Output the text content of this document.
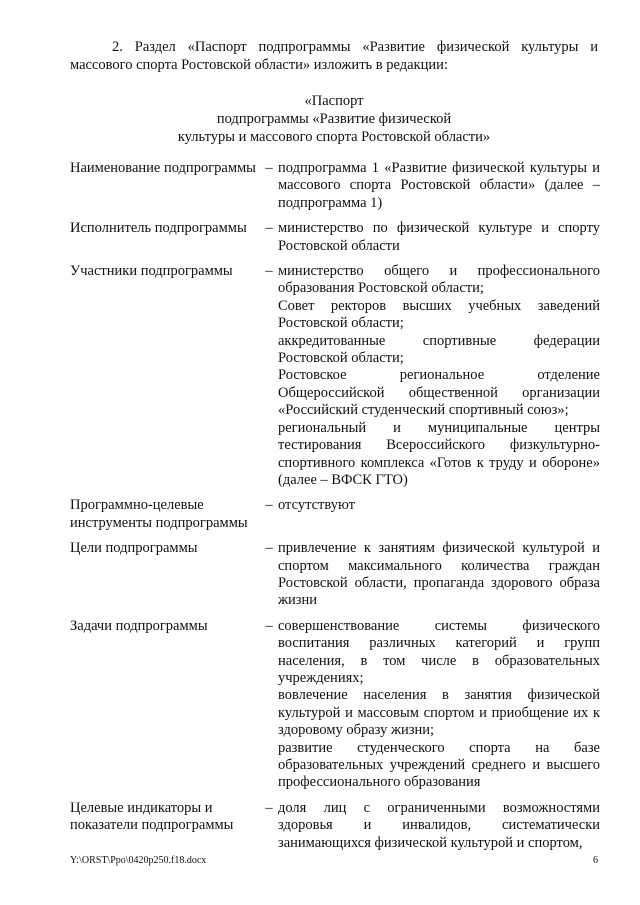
2. Раздел «Паспорт подпрограммы «Развитие физической культуры и массового спорта Ростовской области» изложить в редакции:
«Паспорт
подпрограммы «Развитие физической
культуры и массового спорта Ростовской области»
Наименование подпрограммы	–	подпрограмма 1 «Развитие физической культуры и массового спорта Ростовской области» (далее – подпрограмма 1)

Исполнитель подпрограммы	–	министерство по физической культуре и спорту Ростовской области

Участники подпрограммы	–	министерство общего и профессионального образования Ростовской области;
Совет ректоров высших учебных заведений Ростовской области;
аккредитованные спортивные федерации Ростовской области;
Ростовское региональное отделение Общероссийской общественной организации «Российский студенческий спортивный союз»;
региональный и муниципальные центры тестирования Всероссийского физкультурно-спортивного комплекса «Готов к труду и обороне» (далее – ВФСК ГТО)

Программно-целевые инструменты подпрограммы	–	отсутствуют

Цели подпрограммы	–	привлечение к занятиям физической культурой и спортом максимального количества граждан Ростовской области, пропаганда здорового образа жизни

Задачи подпрограммы	–	совершенствование системы физического воспитания различных категорий и групп населения, в том числе в образовательных учреждениях;
вовлечение населения в занятия физической культурой и массовым спортом и приобщение их к здоровому образу жизни;
развитие студенческого спорта на базе образовательных учреждений среднего и высшего профессионального образования

Целевые индикаторы и показатели подпрограммы	–	доля лиц с ограниченными возможностями здоровья и инвалидов, систематически занимающихся физической культурой и спортом,
Y:\ORST\Ppo\0420p250.f18.docx	6
